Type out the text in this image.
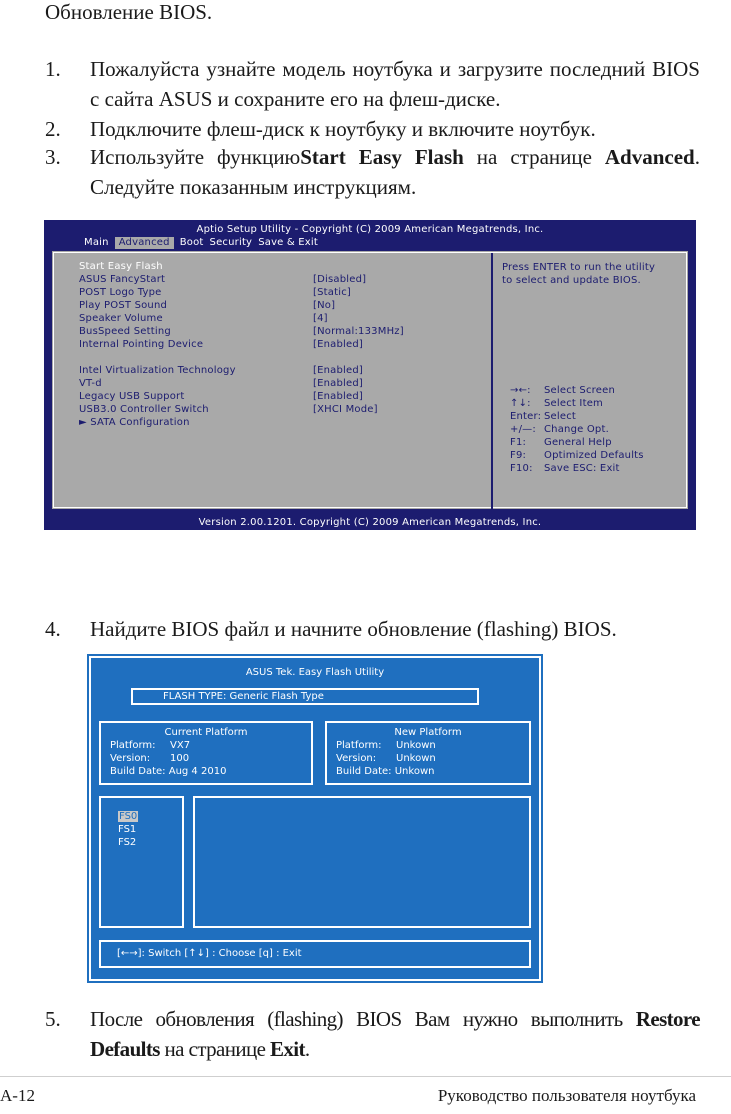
Обновление BIOS.
1. Пожалуйста узнайте модель ноутбука и загрузите последний BIOS с сайта ASUS и сохраните его на флеш-диске.
2. Подключите флеш-диск к ноутбуку и включите ноутбук.
3. Используйте функциюStart Easy Flash на странице Advanced. Следуйте показанным инструкциям.
Aptio Setup Utility - Copyright (C) 2009 American Megatrends, Inc.
Main	Advanced	Boot Security Save & Exit
Start Easy Flash
ASUS FancyStart	[Disabled]
POST Logo Type	[Static]
Play POST Sound	[No]
Speaker Volume	[4]
BusSpeed Setting	[Normal:133MHz]
Internal Pointing Device	[Enabled]
Intel Virtualization Technology	[Enabled]
VT-d	[Enabled]
Legacy USB Support	[Enabled]
USB3.0 Controller Switch	[XHCI Mode]
► SATA Configuration
Press ENTER to run the utility
to select and update BIOS.
→←: Select Screen
↑↓: Select Item
Enter: Select
+/—: Change Opt.
F1: General Help
F9: Optimized Defaults
F10: Save ESC: Exit
Version 2.00.1201. Copyright (C) 2009 American Megatrends, Inc.
4. Найдите BIOS файл и начните обновление (flashing) BIOS.
ASUS Tek. Easy Flash Utility
FLASH TYPE: Generic Flash Type
Current Platform
Platform: VX7
Version: 100
Build Date: Aug 4 2010
New Platform
Platform: Unkown
Version: Unkown
Build Date: Unkown
FS0
FS1
FS2
[←→]: Switch [↑↓] : Choose [q] : Exit
5. После обновления (flashing) BIOS Вам нужно выполнить Restore Defaults на странице Exit.
A-12	Руководство пользователя ноутбука
